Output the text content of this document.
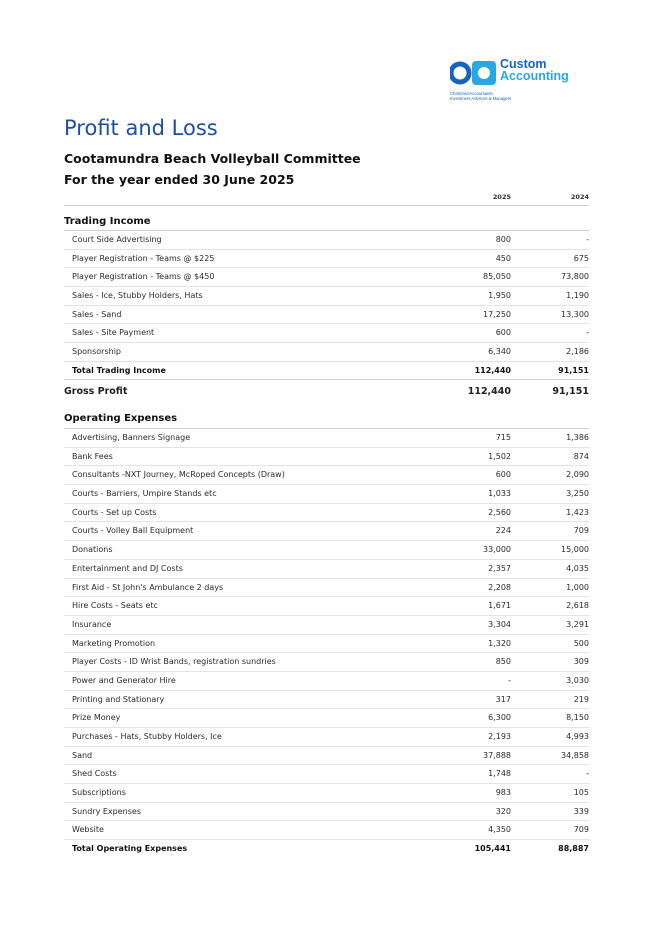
Custom
Accounting
Chartered Accountants
Investment Advisors & Managers
Profit and Loss
Cootamundra Beach Volleyball Committee
For the year ended 30 June 2025
2025	2024
Trading Income
Court Side Advertising	800	-
Player Registration - Teams @ $225	450	675
Player Registration - Teams @ $450	85,050	73,800
Sales - Ice, Stubby Holders, Hats	1,950	1,190
Sales - Sand	17,250	13,300
Sales - Site Payment	600	-
Sponsorship	6,340	2,186
Total Trading Income	112,440	91,151
Gross Profit	112,440	91,151
Operating Expenses
Advertising, Banners Signage	715	1,386
Bank Fees	1,502	874
Consultants -NXT Journey, McRoped Concepts (Draw)	600	2,090
Courts - Barriers, Umpire Stands etc	1,033	3,250
Courts - Set up Costs	2,560	1,423
Courts - Volley Ball Equipment	224	709
Donations	33,000	15,000
Entertainment and DJ Costs	2,357	4,035
First Aid - St John's Ambulance 2 days	2,208	1,000
Hire Costs - Seats etc	1,671	2,618
Insurance	3,304	3,291
Marketing Promotion	1,320	500
Player Costs - ID Wrist Bands, registration sundries	850	309
Power and Generator Hire	-	3,030
Printing and Stationary	317	219
Prize Money	6,300	8,150
Purchases - Hats, Stubby Holders, Ice	2,193	4,993
Sand	37,888	34,858
Shed Costs	1,748	-
Subscriptions	983	105
Sundry Expenses	320	339
Website	4,350	709
Total Operating Expenses	105,441	88,887
